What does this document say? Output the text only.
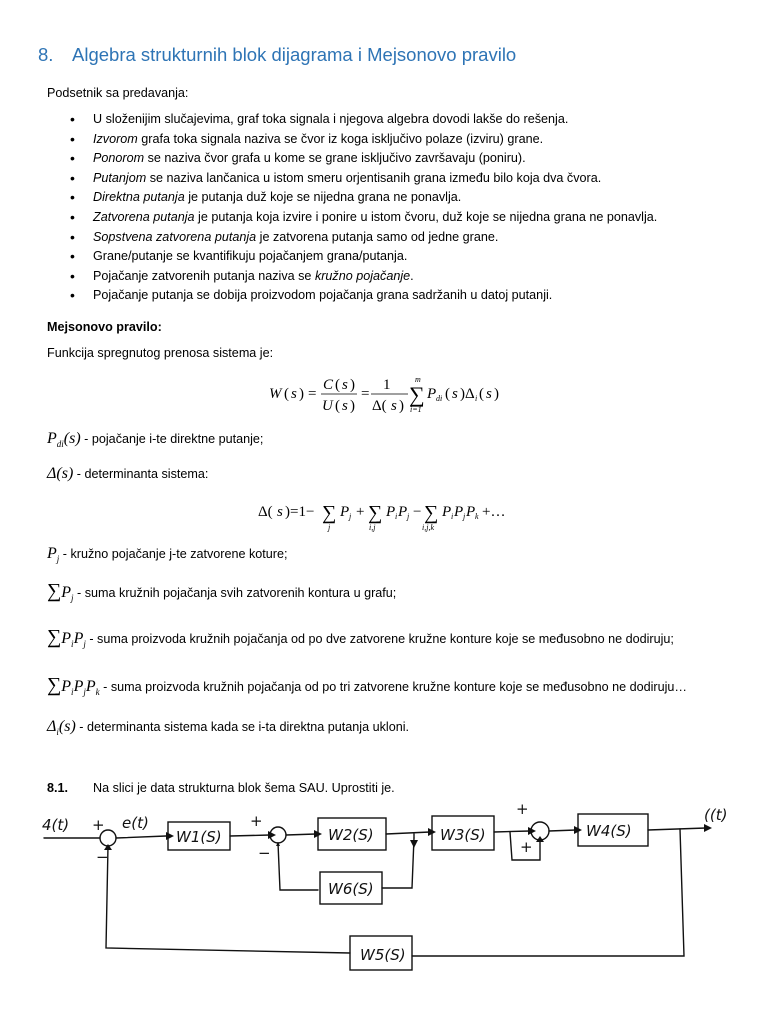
8. Algebra strukturnih blok dijagrama i Mejsonovo pravilo
Podsetnik sa predavanja:
• U složenijim slučajevima, graf toka signala i njegova algebra dovodi lakše do rešenja.
• Izvorom grafa toka signala naziva se čvor iz koga isključivo polaze (izviru) grane.
• Ponorom se naziva čvor grafa u kome se grane isključivo završavaju (poniru).
• Putanjom se naziva lančanica u istom smeru orjentisanih grana između bilo koja dva čvora.
• Direktna putanja je putanja duž koje se nijedna grana ne ponavlja.
• Zatvorena putanja je putanja koja izvire i ponire u istom čvoru, duž koje se nijedna grana ne ponavlja.
• Sopstvena zatvorena putanja je zatvorena putanja samo od jedne grane.
• Grane/putanje se kvantifikuju pojačanjem grana/putanja.
• Pojačanje zatvorenih putanja naziva se kružno pojačanje.
• Pojačanje putanja se dobija proizvodom pojačanja grana sadržanih u datoj putanji.
Mejsonovo pravilo:
Funkcija spregnutog prenosa sistema je:
W ( s ) =
C ( s )
U ( s )
=
1
Δ( s ) ∑
m
i=1
P di ( s )Δ i ( s )
$P_{di}(s)$ - pojačanje i-te direktne putanje;
Δ(s) - determinanta sistema:
Δ( s )=1− ∑
j
P j + ∑
i,j
P i P j − ∑
i,j,k
P i P j P k +…
$P_j$ - kružno pojačanje j-te zatvorene koture;
$\sum P_j$ - suma kružnih pojačanja svih zatvorenih kontura u grafu;
$\sum P_iP_j$ - suma proizvoda kružnih pojačanja od po dve zatvorene kružne konture koje se međusobno ne dodiruju;
$\sum P_iP_jP_k$ - suma proizvoda kružnih pojačanja od po tri zatvorene kružne konture koje se međusobno ne dodiruju…
$\Delta_i(s)$ - determinanta sistema kada se i-ta direktna putanja ukloni.
8.1. Na slici je data strukturna blok šema SAU. Uprostiti je.
4(t)	e(t)
W1(S)	W2(S)	W3(S)	W4(S)
W5(S)
W6(S)
((t)
+
−
+
−
+
+
